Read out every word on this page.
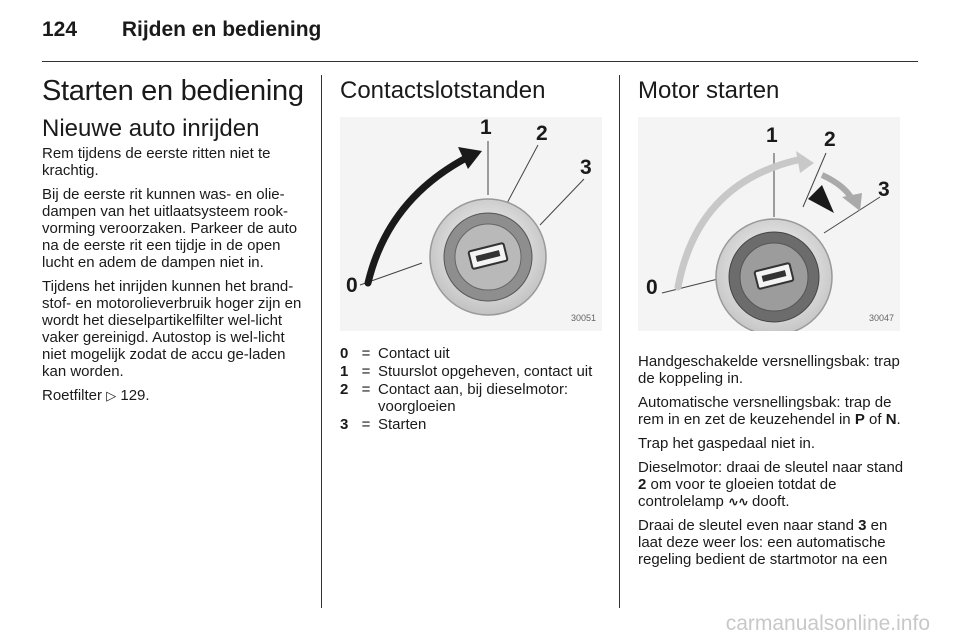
124 Rijden en bediening
Starten en bediening
Nieuwe auto inrijden

Rem tijdens de eerste ritten niet te krachtig.

Bij de eerste rit kunnen was- en olie-dampen van het uitlaatsysteem rook-vorming veroorzaken. Parkeer de auto na de eerste rit een tijdje in de open lucht en adem de dampen niet in.

Tijdens het inrijden kunnen het brand-stof- en motorolieverbruik hoger zijn en wordt het dieselpartikelfilter wel-licht vaker gereinigd. Autostop is wel-licht niet mogelijk zodat de accu ge-laden kan worden.

Roetfilter ▷ 129.

Contactslotstanden
0
1 2
3
30051
0 = Contact uit
1 = Stuurslot opgeheven, contact uit
2 = Contact aan, bij dieselmotor: voorgloeien
3 = Starten
Motor starten
0
1 2
3
30047

Handgeschakelde versnellingsbak: trap de koppeling in.

Automatische versnellingsbak: trap de rem in en zet de keuzehendel in P of N.

Trap het gaspedaal niet in.

Dieselmotor: draai de sleutel naar stand 2 om voor te gloeien totdat de controlelamp ∿∿ dooft.

Draai de sleutel even naar stand 3 en laat deze weer los: een automatische regeling bedient de startmotor na een

carmanualsonline.info
